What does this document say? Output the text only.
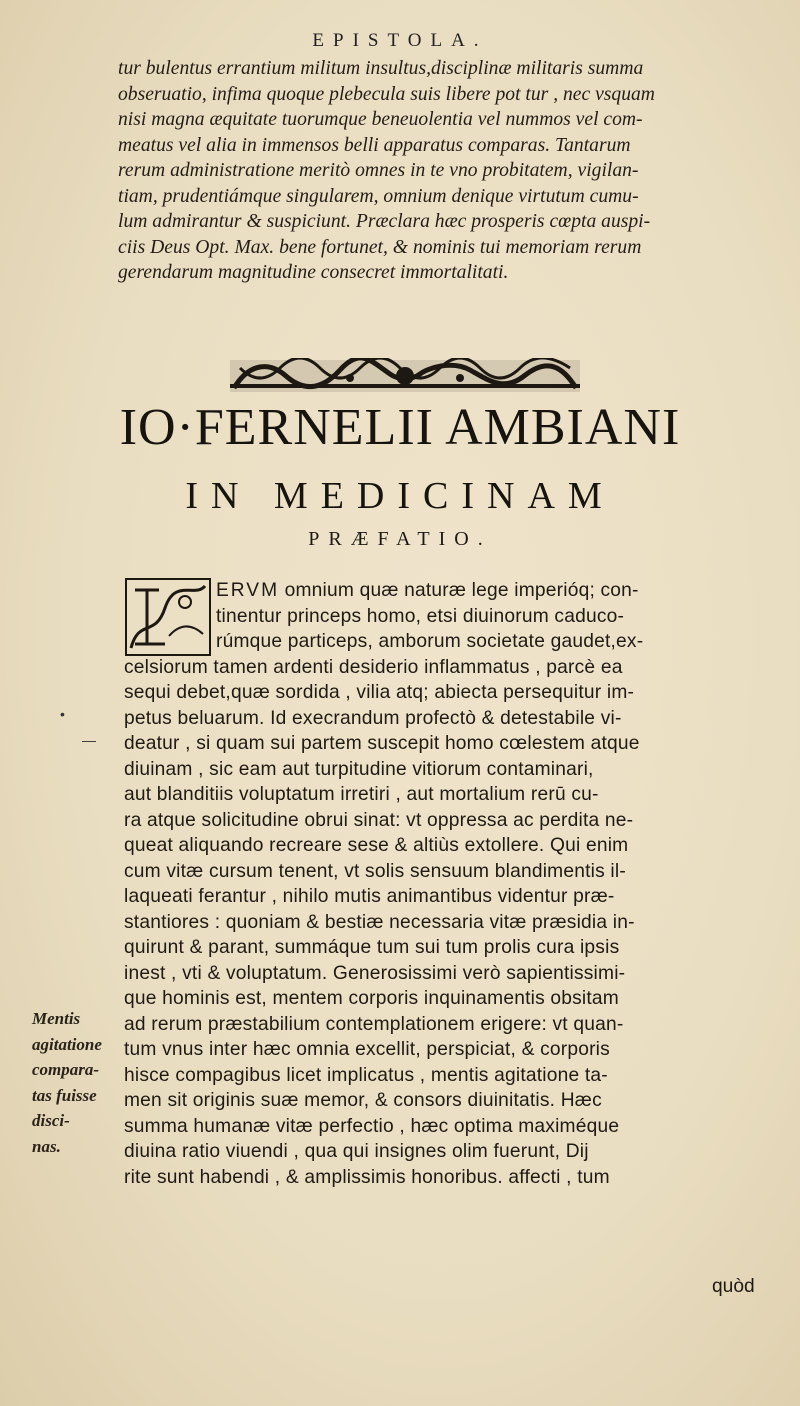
EPISTOLA.
tur bulentus errantium militum insultus,disciplinæ militaris summa
obseruatio, infima quoque plebecula suis libere pot tur , nec vsquam
nisi magna æquitate tuorumque beneuolentia vel nummos vel com-
meatus vel alia in immensos belli apparatus comparas. Tantarum
rerum administratione meritò omnes in te vno probitatem, vigilan-
tiam, prudentiámque singularem, omnium denique virtutum cumu-
lum admirantur & suspiciunt. Præclara hæc prosperis cœpta auspi-
ciis Deus Opt. Max. bene fortunet, & nominis tui memoriam rerum
gerendarum magnitudine consecret immortalitati.
IO·FERNELII AMBIANI
IN MEDICINAM
PRÆFATIO.
ERVM omnium quæ naturæ lege imperióq; con-
tinentur princeps homo, etsi diuinorum caduco-
rúmque particeps, amborum societate gaudet,ex-
celsiorum tamen ardenti desiderio inflammatus , parcè ea
sequi debet,quæ sordida , vilia atq; abiecta persequitur im-
petus beluarum. Id execrandum profectò & detestabile vi-
deatur , si quam sui partem suscepit homo cœlestem atque
diuinam , sic eam aut turpitudine vitiorum contaminari,
aut blanditiis voluptatum irretiri , aut mortalium rerū cu-
ra atque solicitudine obrui sinat: vt oppressa ac perdita ne-
queat aliquando recreare sese & altiùs extollere. Qui enim
cum vitæ cursum tenent, vt solis sensuum blandimentis il-
laqueati ferantur , nihilo mutis animantibus videntur præ-
stantiores : quoniam & bestiæ necessaria vitæ præsidia in-
quirunt & parant, summáque tum sui tum prolis cura ipsis
inest , vti & voluptatum. Generosissimi verò sapientissimi-
que hominis est, mentem corporis inquinamentis obsitam
ad rerum præstabilium contemplationem erigere: vt quan-
tum vnus inter hæc omnia excellit, perspiciat, & corporis
hisce compagibus licet implicatus , mentis agitatione ta-
men sit originis suæ memor, & consors diuinitatis. Hæc
summa humanæ vitæ perfectio , hæc optima maximéque
diuina ratio viuendi , qua qui insignes olim fuerunt, Dij
rite sunt habendi , & amplissimis honoribus. affecti , tum
Mentis
agitatione
compara-
tas fuisse
disci-
nas.
quòd
•
—
